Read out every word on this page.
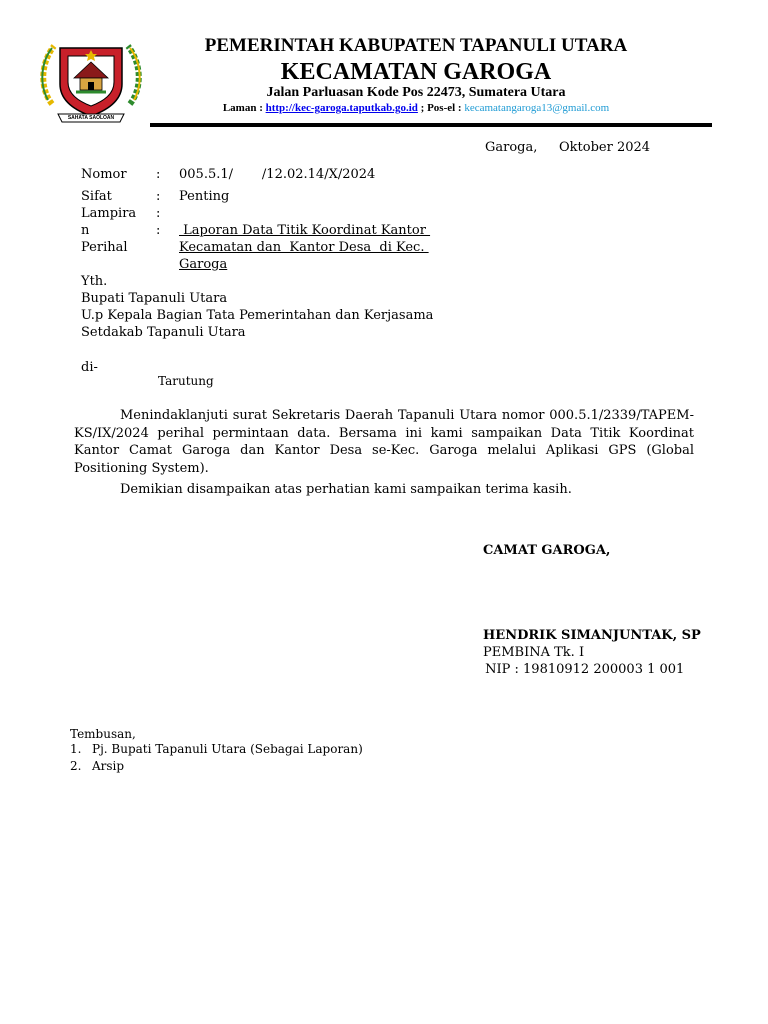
SAHATA SAOLOAN
PEMERINTAH KABUPATEN TAPANULI UTARA
KECAMATAN GAROGA
Jalan Parluasan Kode Pos 22473, Sumatera Utara
Laman : http://kec-garoga.taputkab.go.id ; Pos-el : kecamatangaroga13@gmail.com
Garoga, Oktober 2024
Nomor : 005.5.1/       /12.02.14/X/2024
Sifat	: Penting
Lampira :
n	:
Perihal
Laporan Data Titik Koordinat Kantor
Kecamatan dan  Kantor Desa  di Kec.
Garoga
Yth.
Bupati Tapanuli Utara
U.p Kepala Bagian Tata Pemerintahan dan Kerjasama
Setdakab Tapanuli Utara
di-
Tarutung

Menindaklanjuti surat Sekretaris Daerah Tapanuli Utara nomor 000.5.1/2339/TAPEM-KS/IX/2024 perihal permintaan data. Bersama ini kami sampaikan Data Titik Koordinat Kantor Camat Garoga dan Kantor Desa se-Kec. Garoga melalui Aplikasi GPS (Global Positioning System).

Demikian disampaikan atas perhatian kami sampaikan terima kasih.

CAMAT GAROGA,
HENDRIK SIMANJUNTAK, SP
PEMBINA Tk. I
NIP : 19810912 200003 1 001
Tembusan,
1. Pj. Bupati Tapanuli Utara (Sebagai Laporan)
2. Arsip
